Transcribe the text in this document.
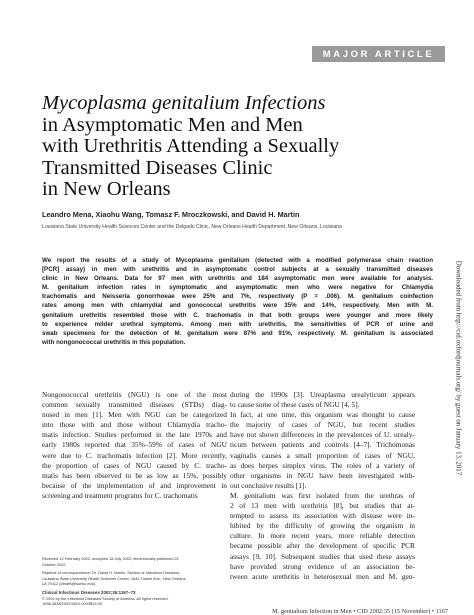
MAJOR ARTICLE
Mycoplasma genitalium Infections
in Asymptomatic Men and Men
with Urethritis Attending a Sexually
Transmitted Diseases Clinic
in New Orleans
Leandro Mena, Xiaohu Wang, Tomasz F. Mroczkowski, and David H. Martin
Louisiana State University Health Sciences Center and the Delgado Clinic, New Orleans Health Department, New Orleans, Louisiana
We report the results of a study of Mycoplasma genitalium (detected with a modified polymerase chain reaction
[PCR] assay) in men with urethritis and in asymptomatic control subjects at a sexually transmitted diseases
clinic in New Orleans. Data for 97 men with urethritis and 184 asymptomatic men were available for analysis.
M. genitalium infection rates in symptomatic and asymptomatic men who were negative for Chlamydia
trachomatis and Neisseria gonorrhoeae were 25% and 7%, respectively (P = .006). M. genitalium coinfection
rates among men with chlamydial and gonococcal urethritis were 35% and 14%, respectively. Men with M.
genitalium urethritis resembled those with C. trachomatis in that both groups were younger and more likely
to experience milder urethral symptoms. Among men with urethritis, the sensitivities of PCR of urine and
swab specimens for the detection of M. genitalium were 87% and 91%, respectively. M. genitalium is associated
with nongonococcal urethritis in this population.
Nongonococcal urethritis (NGU) is one of the most
common sexually transmitted diseases (STDs) diag-
nosed in men [1]. Men with NGU can be categorized
into those with and those without Chlamydia tracho-
matis infection. Studies performed in the late 1970s and
early 1980s reported that 35%–59% of cases of NGU
were due to C. trachomatis infection [2]. More recently,
the proportion of cases of NGU caused by C. tracho-
matis has been observed to be as low as 15%, possibly
because of the implementation of and improvement in
screening and treatment programs for C. trachomatis
Received 12 February 2002; accepted 18 July 2002; electronically published 21
October 2002.
Reprints or correspondence: Dr. David H. Martin, Section of Infectious Diseases,
Louisiana State University Health Sciences Center, 1542 Tulane Ave., New Orleans,
LA 70112 (dmarti@lsuhsc.edu).
Clinical Infectious Diseases 2002;35:1167–73
© 2002 by the Infectious Diseases Society of America. All rights reserved.
1058-4838/2002/3510-0003$15.00
during the 1990s [3]. Ureaplasma urealyticum appears
to cause some of these cases of NGU [4, 5].
In fact, at one time, this organism was thought to cause
the majority of cases of NGU, but recent studies
have not shown differences in the prevalences of U. urealy-
ticum between patients and controls [4–7]. Trichomonas
vaginalis causes a small proportion of cases of NGU,
as does herpes simplex virus. The roles of a variety of
other organisms in NGU have been investigated with-
out conclusive results [1].
M. genitalium was first isolated from the urethras of
2 of 13 men with urethritis [8], but studies that at-
tempted to assess its association with disease were in-
hibited by the difficulty of growing the organism in
culture. In more recent years, more reliable detection
became possible after the development of specific PCR
assays [9, 10]. Subsequent studies that used these assays
have provided strong evidence of an association be-
tween acute urethritis in heterosexual men and M. gen-
M. genitalium Infection in Men • CID 2002:35 (15 November) • 1167
Downloaded from http://cid.oxfordjournals.org/ by guest on January 13, 2017
